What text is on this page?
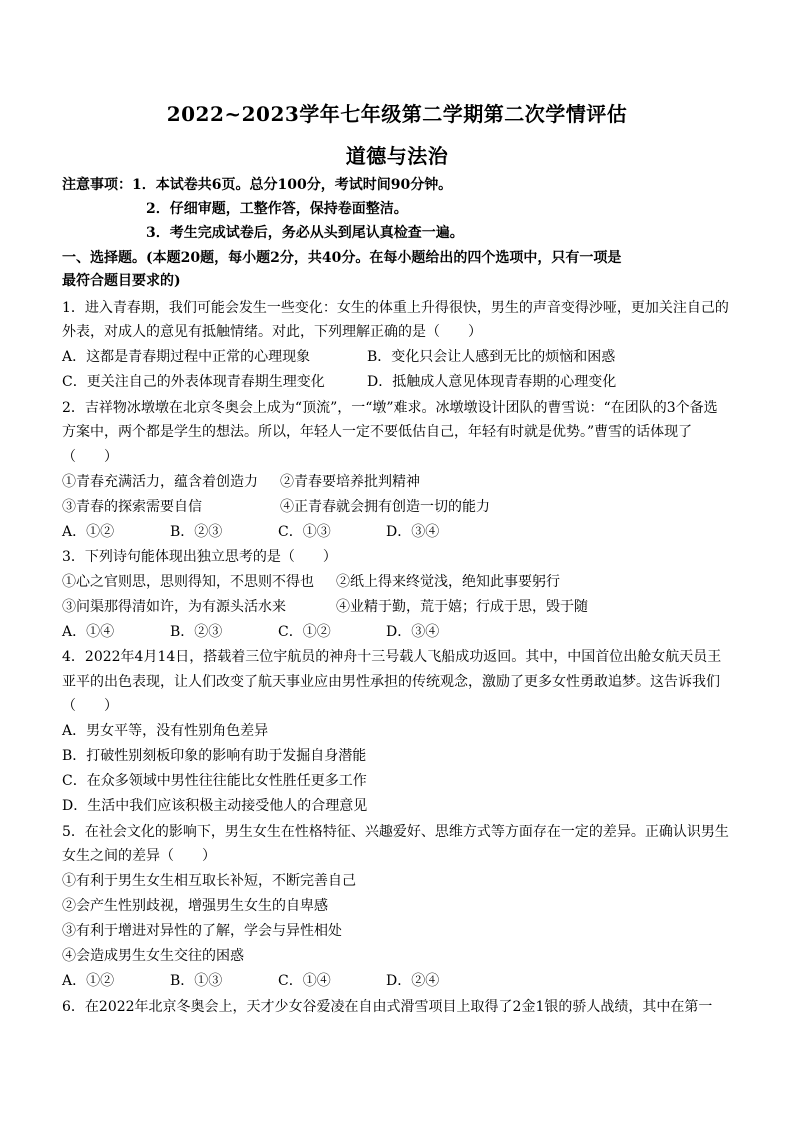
2022~2023学年七年级第二学期第二次学情评估
道德与法治
注意事项：1．本试卷共6页。总分100分，考试时间90分钟。
2．仔细审题，工整作答，保持卷面整洁。
3．考生完成试卷后，务必从头到尾认真检查一遍。
一、选择题。(本题20题，每小题2分，共40分。在每小题给出的四个选项中，只有一项是
最符合题目要求的)
1．进入青春期，我们可能会发生一些变化：女生的体重上升得很快，男生的声音变得沙哑，更加关注自己的
外表，对成人的意见有抵触情绪。对此，下列理解正确的是（　　）
A．这都是青春期过程中正常的心理现象	B．变化只会让人感到无比的烦恼和困惑
C．更关注自己的外表体现青春期生理变化	D．抵触成人意见体现青春期的心理变化
2．吉祥物冰墩墩在北京冬奥会上成为“顶流”，一“墩”难求。冰墩墩设计团队的曹雪说：“在团队的3个备选
方案中，两个都是学生的想法。所以，年轻人一定不要低估自己，年轻有时就是优势。”曹雪的话体现了
（　　）
①青春充满活力，蕴含着创造力 ②青春要培养批判精神
③青春的探索需要自信	④正青春就会拥有创造一切的能力
A．①②	B．②③	C．①③	D．③④
3．下列诗句能体现出独立思考的是（　　）
①心之官则思，思则得知，不思则不得也 ②纸上得来终觉浅，绝知此事要躬行
③问渠那得清如许，为有源头活水来	④业精于勤，荒于嬉；行成于思，毁于随
A．①④	B．②③	C．①②	D．③④
4．2022年4月14日，搭载着三位宇航员的神舟十三号载人飞船成功返回。其中，中国首位出舱女航天员王
亚平的出色表现，让人们改变了航天事业应由男性承担的传统观念，激励了更多女性勇敢追梦。这告诉我们
（　　）
A．男女平等，没有性别角色差异
B．打破性别刻板印象的影响有助于发掘自身潜能
C．在众多领域中男性往往能比女性胜任更多工作
D．生活中我们应该积极主动接受他人的合理意见
5．在社会文化的影响下，男生女生在性格特征、兴趣爱好、思维方式等方面存在一定的差异。正确认识男生
女生之间的差异（　　）
①有利于男生女生相互取长补短，不断完善自己
②会产生性别歧视，增强男生女生的自卑感
③有利于增进对异性的了解，学会与异性相处
④会造成男生女生交往的困惑
A．①②	B．①③	C．①④	D．②④
6．在2022年北京冬奥会上，天才少女谷爱凌在自由式滑雪项目上取得了2金1银的骄人战绩，其中在第一
